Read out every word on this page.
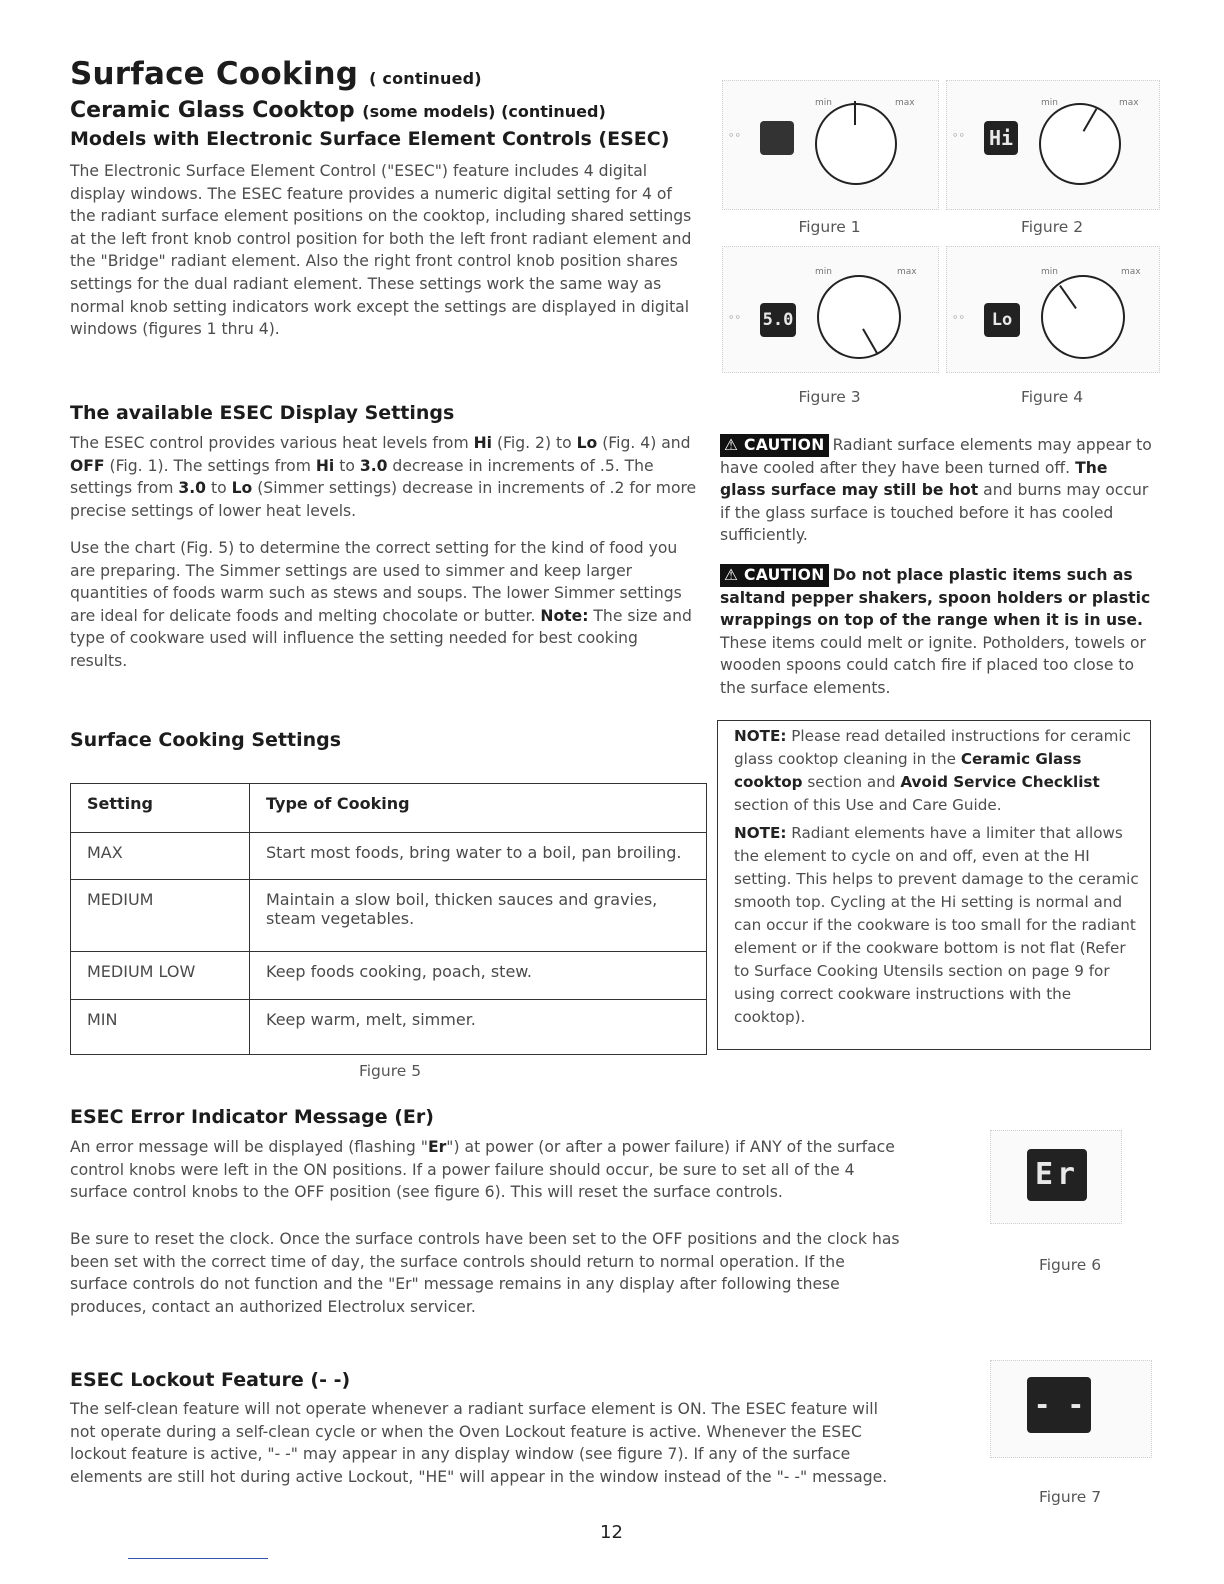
Surface Cooking ( continued)
Ceramic Glass Cooktop (some models) (continued)
Models with Electronic Surface Element Controls (ESEC)
The Electronic Surface Element Control ("ESEC") feature includes 4 digital display windows. The ESEC feature provides a numeric digital setting for 4 of the radiant surface element positions on the cooktop, including shared settings at the left front knob control position for both the left front radiant element and the "Bridge" radiant element. Also the right front control knob position shares settings for the dual radiant element. These settings work the same way as normal knob setting indicators work except the settings are displayed in digital windows (figures 1 thru 4).
◦◦
min	max
Figure 1
◦◦ Hi
min	max
Figure 2
◦◦ 5.0
min	max
Figure 3
◦◦	Lo
min	max
Figure 4
The available ESEC Display Settings
The ESEC control provides various heat levels from Hi (Fig. 2) to Lo (Fig. 4) and OFF (Fig. 1). The settings from Hi to 3.0 decrease in increments of .5. The settings from 3.0 to Lo (Simmer settings) decrease in increments of .2 for more precise settings of lower heat levels.
Use the chart (Fig. 5) to determine the correct setting for the kind of food you are preparing. The Simmer settings are used to simmer and keep larger quantities of foods warm such as stews and soups. The lower Simmer settings are ideal for delicate foods and melting chocolate or butter. Note: The size and type of cookware used will influence the setting needed for best cooking results.
⚠ CAUTION Radiant surface elements may appear to have cooled after they have been turned off. The glass surface may still be hot and burns may occur if the glass surface is touched before it has cooled sufficiently.
⚠ CAUTION Do not place plastic items such as saltand pepper shakers, spoon holders or plastic wrappings on top of the range when it is in use. These items could melt or ignite. Potholders, towels or wooden spoons could catch fire if placed too close to the surface elements.
Surface Cooking Settings
Setting	Type of Cooking
MAX	Start most foods, bring water to a boil, pan broiling.
MEDIUM	Maintain a slow boil, thicken sauces and gravies, steam vegetables.
MEDIUM LOW	Keep foods cooking, poach, stew.
MIN	Keep warm, melt, simmer.
Figure 5
NOTE: Please read detailed instructions for ceramic glass cooktop cleaning in the Ceramic Glass cooktop section and Avoid Service Checklist section of this Use and Care Guide.
NOTE: Radiant elements have a limiter that allows the element to cycle on and off, even at the HI setting. This helps to prevent damage to the ceramic smooth top. Cycling at the Hi setting is normal and can occur if the cookware is too small for the radiant element or if the cookware bottom is not flat (Refer to Surface Cooking Utensils section on page 9 for using correct cookware instructions with the cooktop).
ESEC Error Indicator Message (Er)
An error message will be displayed (flashing "Er") at power (or after a power failure) if ANY of the surface control knobs were left in the ON positions. If a power failure should occur, be sure to set all of the 4 surface control knobs to the OFF position (see figure 6). This will reset the surface controls.
Be sure to reset the clock. Once the surface controls have been set to the OFF positions and the clock has been set with the correct time of day, the surface controls should return to normal operation. If the surface controls do not function and the "Er" message remains in any display after following these produces, contact an authorized Electrolux servicer.
Er
Figure 6
ESEC Lockout Feature (- -)
The self-clean feature will not operate whenever a radiant surface element is ON. The ESEC feature will not operate during a self-clean cycle or when the Oven Lockout feature is active. Whenever the ESEC lockout feature is active, "- -" may appear in any display window (see figure 7). If any of the surface elements are still hot during active Lockout, "HE" will appear in the window instead of the "- -" message.
- -
Figure 7
12
